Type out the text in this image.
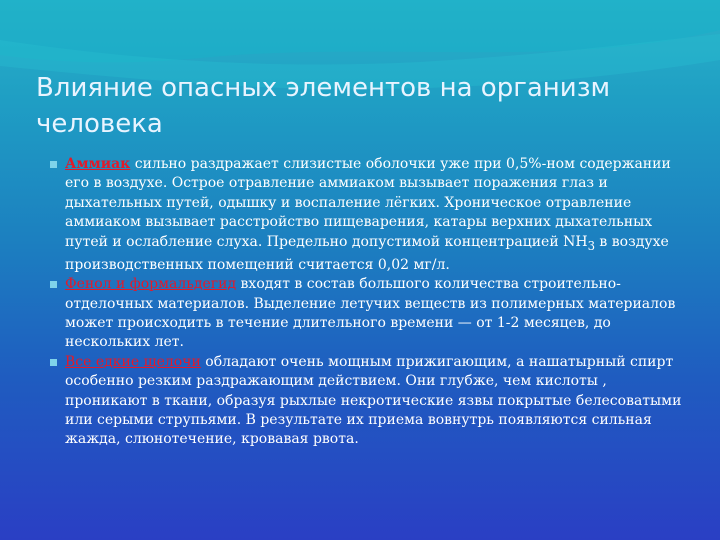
Влияние опасных элементов на организм человека
Аммиак сильно раздражает слизистые оболочки уже при 0,5%-ном содержании его в воздухе. Острое отравление аммиаком вызывает поражения глаз и дыхательных путей, одышку и воспаление лёгких. Хроническое отравление аммиаком вызывает расстройство пищеварения, катары верхних дыхательных путей и ослабление слуха. Предельно допустимой концентрацией $NH_3$ в воздухе производственных помещений считается 0,02 мг/л.
Фенол и формальдегид входят в состав большого количества строительно-отделочных материалов. Выделение летучих веществ из полимерных материалов может происходить в течение длительного времени — от 1-2 месяцев, до нескольких лет.
Все едкие щелочи обладают очень мощным прижигающим, а нашатырный спирт особенно резким раздражающим действием. Они глубже, чем кислоты , проникают в ткани, образуя рыхлые некротические язвы покрытые белесоватыми или серыми струпьями. В результате их приема вовнутрь появляются сильная жажда, слюнотечение, кровавая рвота.
